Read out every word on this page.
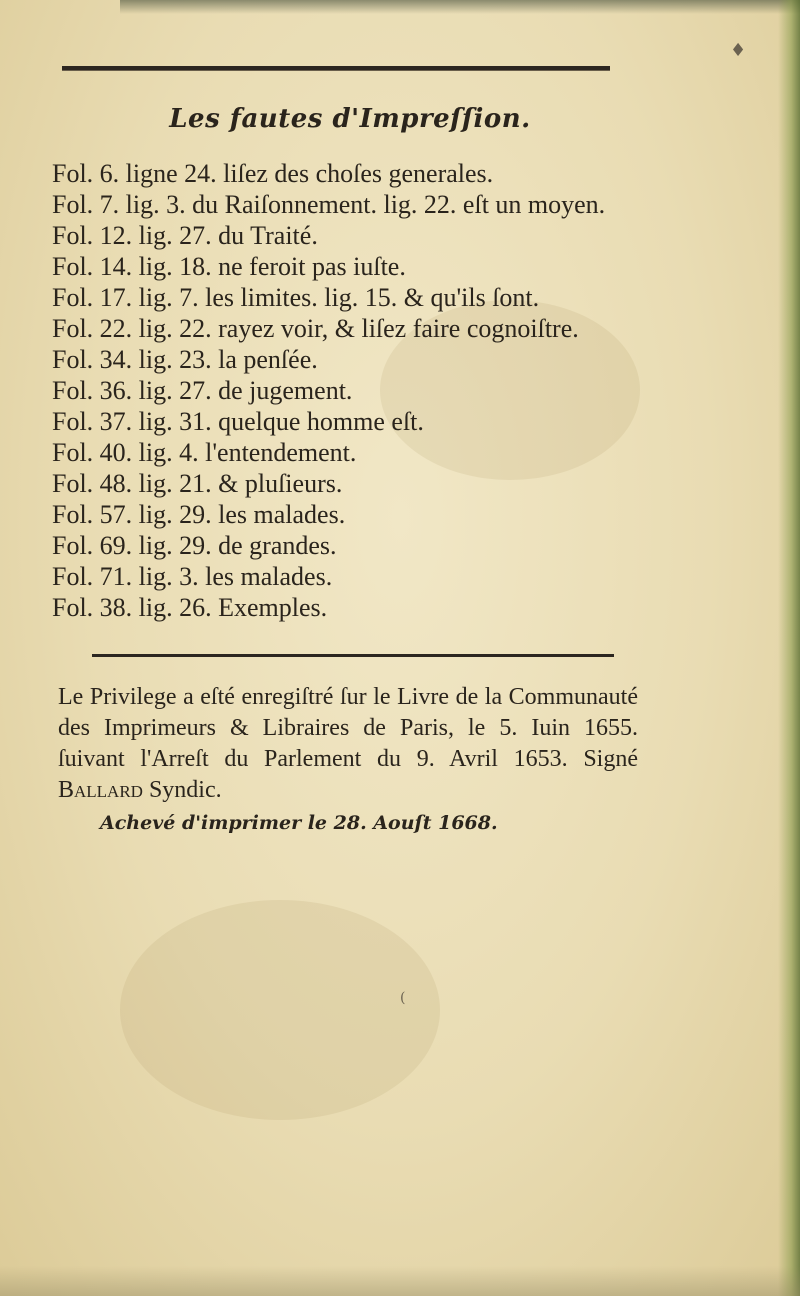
Les fautes d'Impreſſion.
Fol. 6. ligne 24. liſez des choſes generales.
Fol. 7. lig. 3. du Raiſonnement. lig. 22. eſt un moyen.
Fol. 12. lig. 27. du Traité.
Fol. 14. lig. 18. ne feroit pas iuſte.
Fol. 17. lig. 7. les limites. lig. 15. & qu'ils ſont.
Fol. 22. lig. 22. rayez voir, & liſez faire cognoiſtre.
Fol. 34. lig. 23. la penſée.
Fol. 36. lig. 27. de jugement.
Fol. 37. lig. 31. quelque homme eſt.
Fol. 40. lig. 4. l'entendement.
Fol. 48. lig. 21. & pluſieurs.
Fol. 57. lig. 29. les malades.
Fol. 69. lig. 29. de grandes.
Fol. 71. lig. 3. les malades.
Fol. 38. lig. 26. Exemples.

Le Privilege a eſté enregiſtré ſur le Livre de la Communauté des Imprimeurs & Libraires de Paris, le 5. Iuin 1655. ſuivant l'Arreſt du Parlement du 9. Avril 1653. Signé Ballard Syndic.

Achevé d'imprimer le 28. Aouſt 1668.
♦
(
